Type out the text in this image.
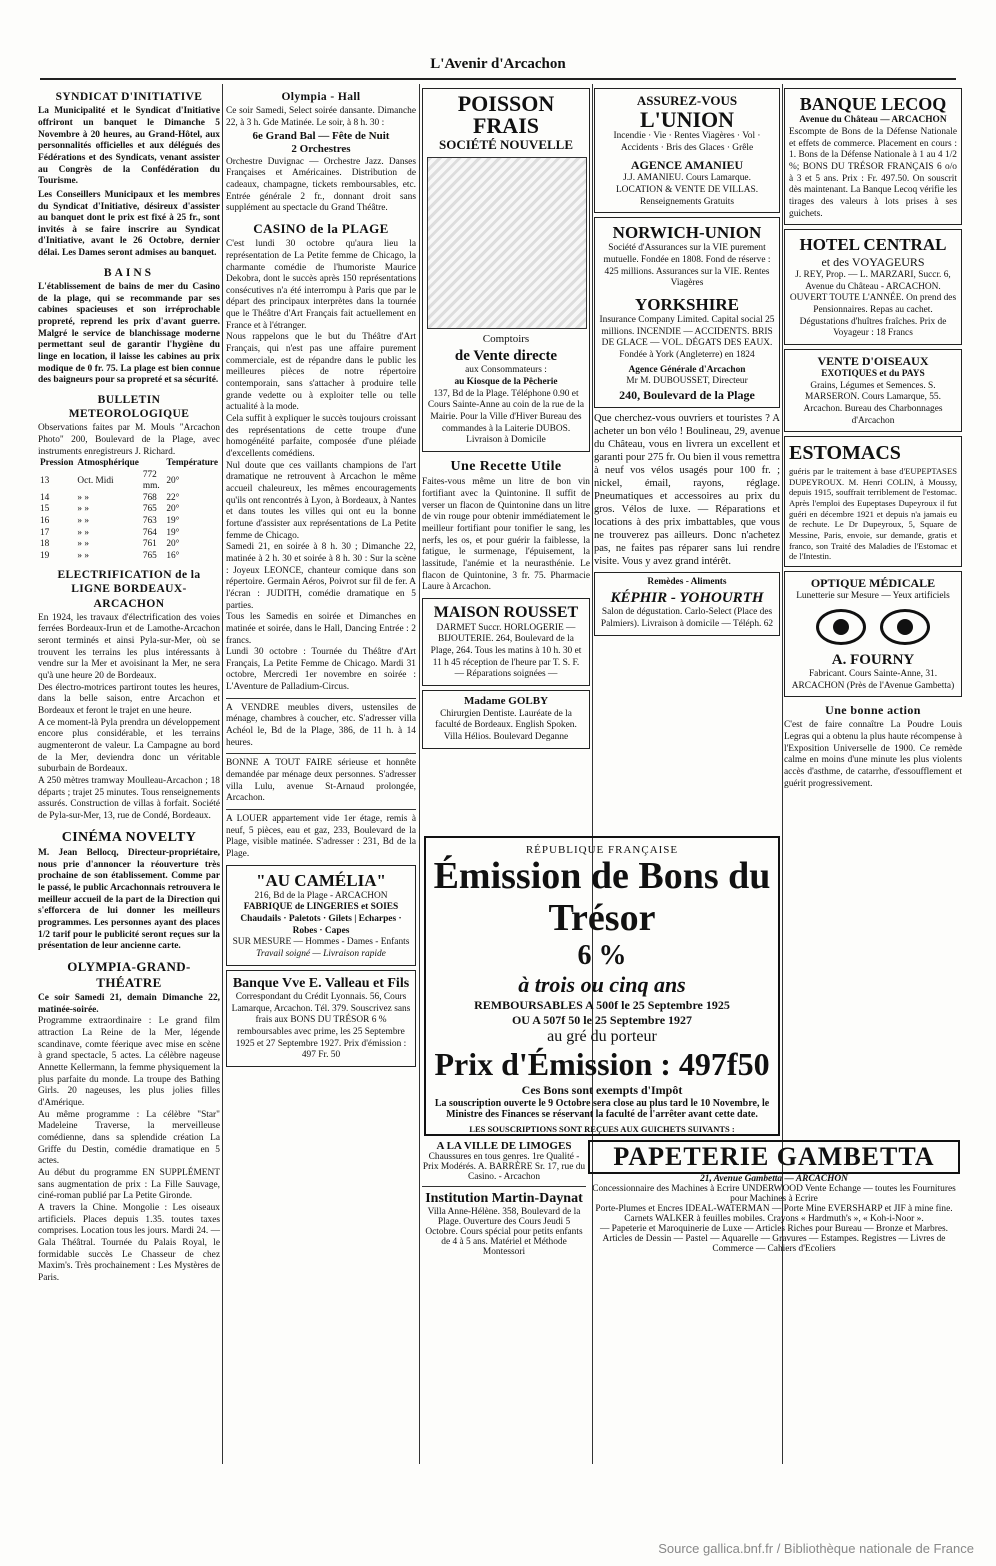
L'Avenir d'Arcachon
SYNDICAT D'INITIATIVE

La Municipalité et le Syndicat d'Initiative offriront un banquet le Dimanche 5 Novembre à 20 heures, au Grand-Hôtel, aux personnalités officielles et aux délégués des Fédérations et des Syndicats, venant assister au Congrès de la Confédération du Tourisme.

Les Conseillers Municipaux et les membres du Syndicat d'Initiative, désireux d'assister au banquet dont le prix est fixé à 25 fr., sont invités à se faire inscrire au Syndicat d'Initiative, avant le 26 Octobre, dernier délai. Les Dames seront admises au banquet.

BAINS

L'établissement de bains de mer du Casino de la plage, qui se recommande par ses cabines spacieuses et son irréprochable propreté, reprend les prix d'avant guerre. Malgré le service de blanchissage moderne permettant seul de garantir l'hygiène du linge en location, il laisse les cabines au prix modique de 0 fr. 75. La plage est bien connue des baigneurs pour sa propreté et sa sécurité.

BULLETIN METEOROLOGIQUE

Observations faites par M. Mouls "Arcachon Photo" 200, Boulevard de la Plage, avec instruments enregistreurs J. Richard.

Pression	Atmosphérique		Température
13	Oct. Midi	772 mm.	20°
14	» »	768	22°
15	» »	765	20°
16	» »	763	19°
17	» »	764	19°
18	» »	761	20°
19	» »	765	16°
ELECTRIFICATION de la LIGNE BORDEAUX-ARCACHON

En 1924, les travaux d'électrification des voies ferrées Bordeaux-Irun et de Lamothe-Arcachon seront terminés et ainsi Pyla-sur-Mer, où se trouvent les terrains les plus intéressants à vendre sur la Mer et avoisinant la Mer, ne sera qu'à une heure 20 de Bordeaux.

Des électro-motrices partiront toutes les heures, dans la belle saison, entre Arcachon et Bordeaux et feront le trajet en une heure.

A ce moment-là Pyla prendra un développement encore plus considérable, et les terrains augmenteront de valeur. La Campagne au bord de la Mer, deviendra donc un véritable suburbain de Bordeaux.

A 250 mètres tramway Moulleau-Arcachon ; 18 départs ; trajet 25 minutes. Tous renseignements assurés. Construction de villas à forfait. Société de Pyla-sur-Mer, 13, rue de Condé, Bordeaux.

CINÉMA NOVELTY

M. Jean Bellocq, Directeur-propriétaire, nous prie d'annoncer la réouverture très prochaine de son établissement. Comme par le passé, le public Arcachonnais retrouvera le meilleur accueil de la part de la Direction qui s'efforcera de lui donner les meilleurs programmes. Les personnes ayant des places 1/2 tarif pour le publicité seront reçues sur la présentation de leur ancienne carte.

OLYMPIA-GRAND-THÉATRE

Ce soir Samedi 21, demain Dimanche 22, matinée-soirée.

Programme extraordinaire : Le grand film attraction La Reine de la Mer, légende scandinave, comte féerique avec mise en scène à grand spectacle, 5 actes. La célèbre nageuse Annette Kellermann, la femme physiquement la plus parfaite du monde. La troupe des Bathing Girls. 20 nageuses, les plus jolies filles d'Amérique.

Au même programme : La célèbre "Star" Madeleine Traverse, la merveilleuse comédienne, dans sa splendide création La Griffe du Destin, comédie dramatique en 5 actes.

Au début du programme EN SUPPLÉMENT sans augmentation de prix : La Fille Sauvage, ciné-roman publié par La Petite Gironde.

A travers la Chine. Mongolie : Les oiseaux artificiels. Places depuis 1.35. toutes taxes comprises. Location tous les jours. Mardi 24. — Gala Théâtral. Tournée du Palais Royal, le formidable succès Le Chasseur de chez Maxim's. Très prochainement : Les Mystères de Paris.

Olympia - Hall

Ce soir Samedi, Select soirée dansante. Dimanche 22, à 3 h. Gde Matinée. Le soir, à 8 h. 30 :

6e Grand Bal — Fête de Nuit
2 Orchestres

Orchestre Duvignac — Orchestre Jazz. Danses Françaises et Américaines. Distribution de cadeaux, champagne, tickets remboursables, etc. Entrée générale 2 fr., donnant droit sans supplément au spectacle du Grand Théâtre.

CASINO de la PLAGE

C'est lundi 30 octobre qu'aura lieu la représentation de La Petite femme de Chicago, la charmante comédie de l'humoriste Maurice Dekobra, dont le succès après 150 représentations consécutives n'a été interrompu à Paris que par le départ des principaux interprètes dans la tournée que le Théâtre d'Art Français fait actuellement en France et à l'étranger.

Nous rappelons que le but du Théâtre d'Art Français, qui n'est pas une affaire purement commerciale, est de répandre dans le public les meilleures pièces de notre répertoire contemporain, sans s'attacher à produire telle grande vedette ou à exploiter telle ou telle actualité à la mode.

Cela suffit à expliquer le succès toujours croissant des représentations de cette troupe d'une homogénéité parfaite, composée d'une pléiade d'excellents comédiens.

Nul doute que ces vaillants champions de l'art dramatique ne retrouvent à Arcachon le même accueil chaleureux, les mêmes encouragements qu'ils ont rencontrés à Lyon, à Bordeaux, à Nantes et dans toutes les villes qui ont eu la bonne fortune d'assister aux représentations de La Petite femme de Chicago.

Samedi 21, en soirée à 8 h. 30 ; Dimanche 22, matinée à 2 h. 30 et soirée à 8 h. 30 : Sur la scène : Joyeux LEONCE, chanteur comique dans son répertoire. Germain Aéros, Poivrot sur fil de fer. A l'écran : JUDITH, comédie dramatique en 5 parties.

Tous les Samedis en soirée et Dimanches en matinée et soirée, dans le Hall, Dancing Entrée : 2 francs.

Lundi 30 octobre : Tournée du Théâtre d'Art Français, La Petite Femme de Chicago. Mardi 31 octobre, Mercredi 1er novembre en soirée : L'Aventure de Palladium-Circus.

A VENDRE meubles divers, ustensiles de ménage, chambres à coucher, etc. S'adresser villa Achéol le, Bd de la Plage, 386, de 11 h. à 14 heures.

BONNE A TOUT FAIRE sérieuse et honnête demandée par ménage deux personnes. S'adresser villa Lulu, avenue St-Arnaud prolongée, Arcachon.

A LOUER appartement vide 1er étage, remis à neuf, 5 pièces, eau et gaz, 233, Boulevard de la Plage, visible matinée. S'adresser : 231, Bd de la Plage.

"AU CAMÉLIA"
216, Bd de la Plage - ARCACHON
FABRIQUE de LINGERIES et SOIES
Chaudails · Paletots · Gilets | Echarpes · Robes · Capes
SUR MESURE — Hommes - Dames - Enfants
Travail soigné — Livraison rapide
Banque Vve E. Valleau et Fils
Correspondant du Crédit Lyonnais. 56, Cours Lamarque, Arcachon. Tél. 379. Souscrivez sans frais aux BONS DU TRÉSOR 6 % remboursables avec prime, les 25 Septembre 1925 et 27 Septembre 1927. Prix d'émission : 497 Fr. 50
POISSON FRAIS
SOCIÉTÉ NOUVELLE
Comptoirs
de Vente directe
aux Consommateurs :
au Kiosque de la Pêcherie
137, Bd de la Plage. Téléphone 0.90 et Cours Sainte-Anne au coin de la rue de la Mairie. Pour la Ville d'Hiver Bureau des commandes à la Laiterie DUBOS. Livraison à Domicile
Une Recette Utile

Faites-vous même un litre de bon vin fortifiant avec la Quintonine. Il suffit de verser un flacon de Quintonine dans un litre de vin rouge pour obtenir immédiatement le meilleur fortifiant pour tonifier le sang, les nerfs, les os, et pour guérir la faiblesse, la fatigue, le surmenage, l'épuisement, la lassitude, l'anémie et la neurasthénie. Le flacon de Quintonine, 3 fr. 75. Pharmacie Laure à Arcachon.

MAISON ROUSSET
DARMET Succr. HORLOGERIE — BIJOUTERIE. 264, Boulevard de la Plage, 264. Tous les matins à 10 h. 30 et 11 h 45 réception de l'heure par T. S. F. — Réparations soignées —
Madame GOLBY
Chirurgien Dentiste. Lauréate de la faculté de Bordeaux. English Spoken. Villa Hélios. Boulevard Deganne
ASSUREZ-VOUS
L'UNION
Incendie · Vie · Rentes Viagères · Vol · Accidents · Bris des Glaces · Grêle
AGENCE AMANIEU
J.J. AMANIEU. Cours Lamarque. LOCATION & VENTE DE VILLAS. Renseignements Gratuits
NORWICH-UNION
Société d'Assurances sur la VIE purement mutuelle. Fondée en 1808. Fond de réserve : 425 millions. Assurances sur la VIE. Rentes Viagères
YORKSHIRE
Insurance Company Limited. Capital social 25 millions. INCENDIE — ACCIDENTS. BRIS DE GLACE — VOL. DÉGATS DES EAUX. Fondée à York (Angleterre) en 1824
Agence Générale d'Arcachon
Mr M. DUBOUSSET, Directeur
240, Boulevard de la Plage

Que cherchez-vous ouvriers et touristes ? A acheter un bon vélo ! Boulineau, 29, avenue du Château, vous en livrera un excellent et garanti pour 275 fr. Ou bien il vous remettra à neuf vos vélos usagés pour 100 fr. ; nickel, émail, rayons, réglage. Pneumatiques et accessoires au prix du gros. Vélos de luxe. — Réparations et locations à des prix imbattables, que vous ne trouverez pas ailleurs. Donc n'achetez pas, ne faites pas réparer sans lui rendre visite. Vous y avez grand intérêt.

Remèdes - Aliments
KÉPHIR - YOHOURTH
Salon de dégustation. Carlo-Select (Place des Palmiers). Livraison à domicile — Téléph. 62
BANQUE LECOQ
Avenue du Château — ARCACHON
Escompte de Bons de la Défense Nationale et effets de commerce. Placement en cours : 1. Bons de la Défense Nationale à 1 au 4 1/2 %; BONS DU TRÉSOR FRANÇAIS 6 o/o à 3 et 5 ans. Prix : Fr. 497.50. On souscrit dès maintenant. La Banque Lecoq vérifie les tirages des valeurs à lots prises à ses guichets.
HOTEL CENTRAL
et des VOYAGEURS
J. REY, Prop. — L. MARZARI, Succr. 6, Avenue du Château - ARCACHON. OUVERT TOUTE L'ANNÉE. On prend des Pensionnaires. Repas au cachet. Dégustations d'huîtres fraîches. Prix de Voyageur : 18 Francs
VENTE D'OISEAUX
EXOTIQUES et du PAYS
Grains, Légumes et Semences. S. MARSERON. Cours Lamarque, 55. Arcachon. Bureau des Charbonnages d'Arcachon
ESTOMACS
guéris par le traitement à base d'EUPEPTASES DUPEYROUX. M. Henri COLIN, à Moussy, depuis 1915, souffrait terriblement de l'estomac. Après l'emploi des Eupeptases Dupeyroux il fut guéri en décembre 1921 et depuis n'a jamais eu de rechute. Le Dr Dupeyroux, 5, Square de Messine, Paris, envoie, sur demande, gratis et franco, son Traité des Maladies de l'Estomac et de l'Intestin.
OPTIQUE MÉDICALE
Lunetterie sur Mesure — Yeux artificiels
A. FOURNY
Fabricant. Cours Sainte-Anne, 31. ARCACHON (Près de l'Avenue Gambetta)
Une bonne action

C'est de faire connaître La Poudre Louis Legras qui a obtenu la plus haute récompense à l'Exposition Universelle de 1900. Ce remède calme en moins d'une minute les plus violents accès d'asthme, de catarrhe, d'essoufflement et guérit progressivement.

RÉPUBLIQUE FRANÇAISE
Émission de Bons du Trésor
6 %
à trois ou cinq ans
REMBOURSABLES A 500f le 25 Septembre 1925
OU A 507f 50 le 25 Septembre 1927
au gré du porteur
Prix d'Émission : 497f50
Ces Bons sont exempts d'Impôt
La souscription ouverte le 9 Octobre sera close au plus tard le 10 Novembre, le Ministre des Finances se réservant la faculté de l'arrêter avant cette date.
LES SOUSCRIPTIONS SONT REÇUES AUX GUICHETS SUIVANTS :
A LA VILLE DE LIMOGES
Chaussures en tous genres. 1re Qualité - Prix Modérés. A. BARRÈRE Sr. 17, rue du Casino. - Arcachon
Institution Martin-Daynat
Villa Anne-Hélène. 358, Boulevard de la Plage. Ouverture des Cours Jeudi 5 Octobre. Cours spécial pour petits enfants de 4 à 5 ans. Matériel et Méthode Montessori
PAPETERIE GAMBETTA
21, Avenue Gambetta — ARCACHON
Concessionnaire des Machines à Ecrire UNDERWOOD Vente Echange — toutes les Fournitures pour Machines à Ecrire
Porte-Plumes et Encres IDEAL-WATERMAN — Porte Mine EVERSHARP et JIF à mine fine. Carnets WALKER à feuilles mobiles. Crayons « Hardmuth's », « Koh-i-Noor ».
— Papeterie et Maroquinerie de Luxe — Articles Riches pour Bureau — Bronze et Marbres. Articles de Dessin — Pastel — Aquarelle — Gravures — Estampes. Registres — Livres de Commerce — Cahiers d'Ecoliers
Source gallica.bnf.fr / Bibliothèque nationale de France
